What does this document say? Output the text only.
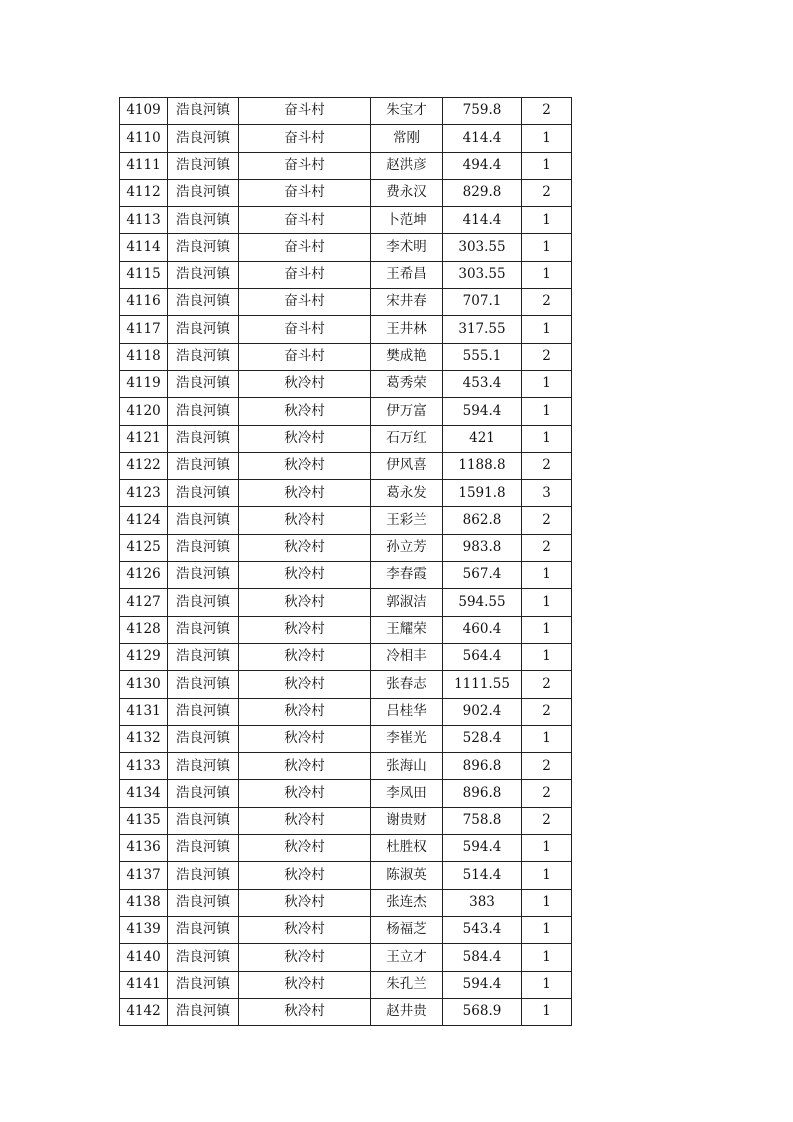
4109	浩良河镇	奋斗村	朱宝才	759.8	2
4110	浩良河镇	奋斗村	常刚	414.4	1
4111	浩良河镇	奋斗村	赵洪彦	494.4	1
4112	浩良河镇	奋斗村	费永汉	829.8	2
4113	浩良河镇	奋斗村	卜范坤	414.4	1
4114	浩良河镇	奋斗村	李术明	303.55	1
4115	浩良河镇	奋斗村	王希昌	303.55	1
4116	浩良河镇	奋斗村	宋井春	707.1	2
4117	浩良河镇	奋斗村	王井林	317.55	1
4118	浩良河镇	奋斗村	樊成艳	555.1	2
4119	浩良河镇	秋冷村	葛秀荣	453.4	1
4120	浩良河镇	秋冷村	伊万富	594.4	1
4121	浩良河镇	秋冷村	石万红	421	1
4122	浩良河镇	秋冷村	伊风喜	1188.8	2
4123	浩良河镇	秋冷村	葛永发	1591.8	3
4124	浩良河镇	秋冷村	王彩兰	862.8	2
4125	浩良河镇	秋冷村	孙立芳	983.8	2
4126	浩良河镇	秋冷村	李春霞	567.4	1
4127	浩良河镇	秋冷村	郭淑洁	594.55	1
4128	浩良河镇	秋冷村	王耀荣	460.4	1
4129	浩良河镇	秋冷村	冷相丰	564.4	1
4130	浩良河镇	秋冷村	张春志	1111.55	2
4131	浩良河镇	秋冷村	吕桂华	902.4	2
4132	浩良河镇	秋冷村	李崔光	528.4	1
4133	浩良河镇	秋冷村	张海山	896.8	2
4134	浩良河镇	秋冷村	李凤田	896.8	2
4135	浩良河镇	秋冷村	谢贵财	758.8	2
4136	浩良河镇	秋冷村	杜胜权	594.4	1
4137	浩良河镇	秋冷村	陈淑英	514.4	1
4138	浩良河镇	秋冷村	张连杰	383	1
4139	浩良河镇	秋冷村	杨福芝	543.4	1
4140	浩良河镇	秋冷村	王立才	584.4	1
4141	浩良河镇	秋冷村	朱孔兰	594.4	1
4142	浩良河镇	秋冷村	赵井贵	568.9	1
